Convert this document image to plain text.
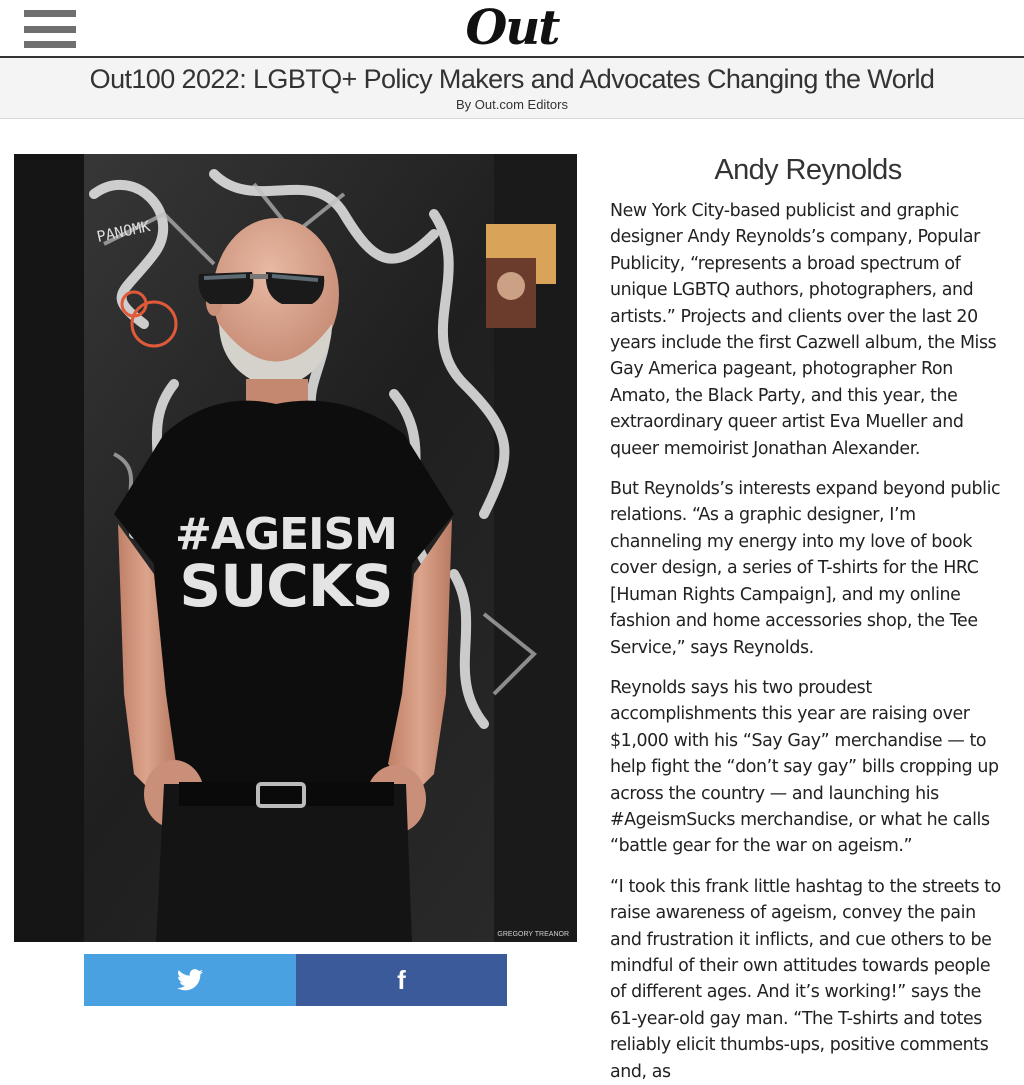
Out
Out100 2022: LGBTQ+ Policy Makers and Advocates Changing the World
By Out.com Editors
PANOMK
#AGEISM
SUCKS
GREGORY TREANOR
f
Andy Reynolds

New York City-based publicist and graphic designer Andy Reynolds’s company, Popular Publicity, “represents a broad spectrum of unique LGBTQ authors, photographers, and artists.” Projects and clients over the last 20 years include the first Cazwell album, the Miss Gay America pageant, photographer Ron Amato, the Black Party, and this year, the extraordinary queer artist Eva Mueller and queer memoirist Jonathan Alexander.

But Reynolds’s interests expand beyond public relations. “As a graphic designer, I’m channeling my energy into my love of book cover design, a series of T-shirts for the HRC [Human Rights Campaign], and my online fashion and home accessories shop, the Tee Service,” says Reynolds.

Reynolds says his two proudest accomplishments this year are raising over $1,000 with his “Say Gay” merchandise — to help fight the “don’t say gay” bills cropping up across the country — and launching his #AgeismSucks merchandise, or what he calls “battle gear for the war on ageism.”

“I took this frank little hashtag to the streets to raise awareness of ageism, convey the pain and frustration it inflicts, and cue others to be mindful of their own attitudes towards people of different ages. And it’s working!” says the 61-year-old gay man. “The T-shirts and totes reliably elicit thumbs-ups, positive comments and, as
